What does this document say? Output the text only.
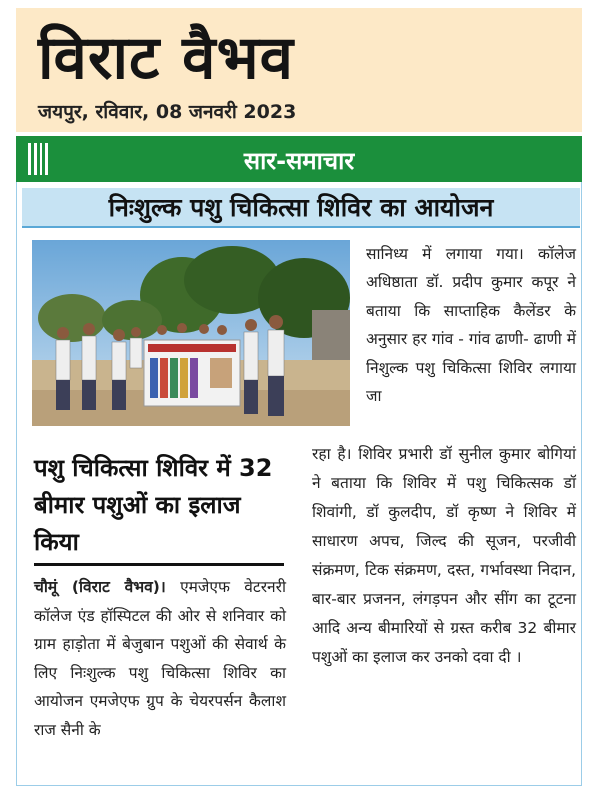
विराट वैभव
जयपुर, रविवार, 08 जनवरी 2023
सार-समाचार
निःशुल्क पशु चिकित्सा शिविर का आयोजन
सानिध्य में लगाया गया। कॉलेज अधिष्ठाता डॉ. प्रदीप कुमार कपूर ने बताया कि साप्ताहिक कैलेंडर के अनुसार हर गांव - गांव ढाणी- ढाणी में निशुल्क पशु चिकित्सा शिविर लगाया जा
पशु चिकित्सा शिविर में 32 बीमार पशुओं का इलाज किया
चौमूं (विराट वैभव)। एमजेएफ वेटरनरी कॉलेज एंड हॉस्पिटल की ओर से शनिवार को ग्राम हाड़ोता में बेजुबान पशुओं की सेवार्थ के लिए निःशुल्क पशु चिकित्सा शिविर का आयोजन एमजेएफ ग्रुप के चेयरपर्सन कैलाश राज सैनी के
रहा है। शिविर प्रभारी डॉ सुनील कुमार बोगियां ने बताया कि शिविर में पशु चिकित्सक डॉ शिवांगी, डॉ कुलदीप, डॉ कृष्ण ने शिविर में साधारण अपच, जिल्द की सूजन, परजीवी संक्रमण, टिक संक्रमण, दस्त, गर्भावस्था निदान, बार-बार प्रजनन, लंगड़पन और सींग का टूटना आदि अन्य बीमारियों से ग्रस्त करीब 32 बीमार पशुओं का इलाज कर उनको दवा दी ।
